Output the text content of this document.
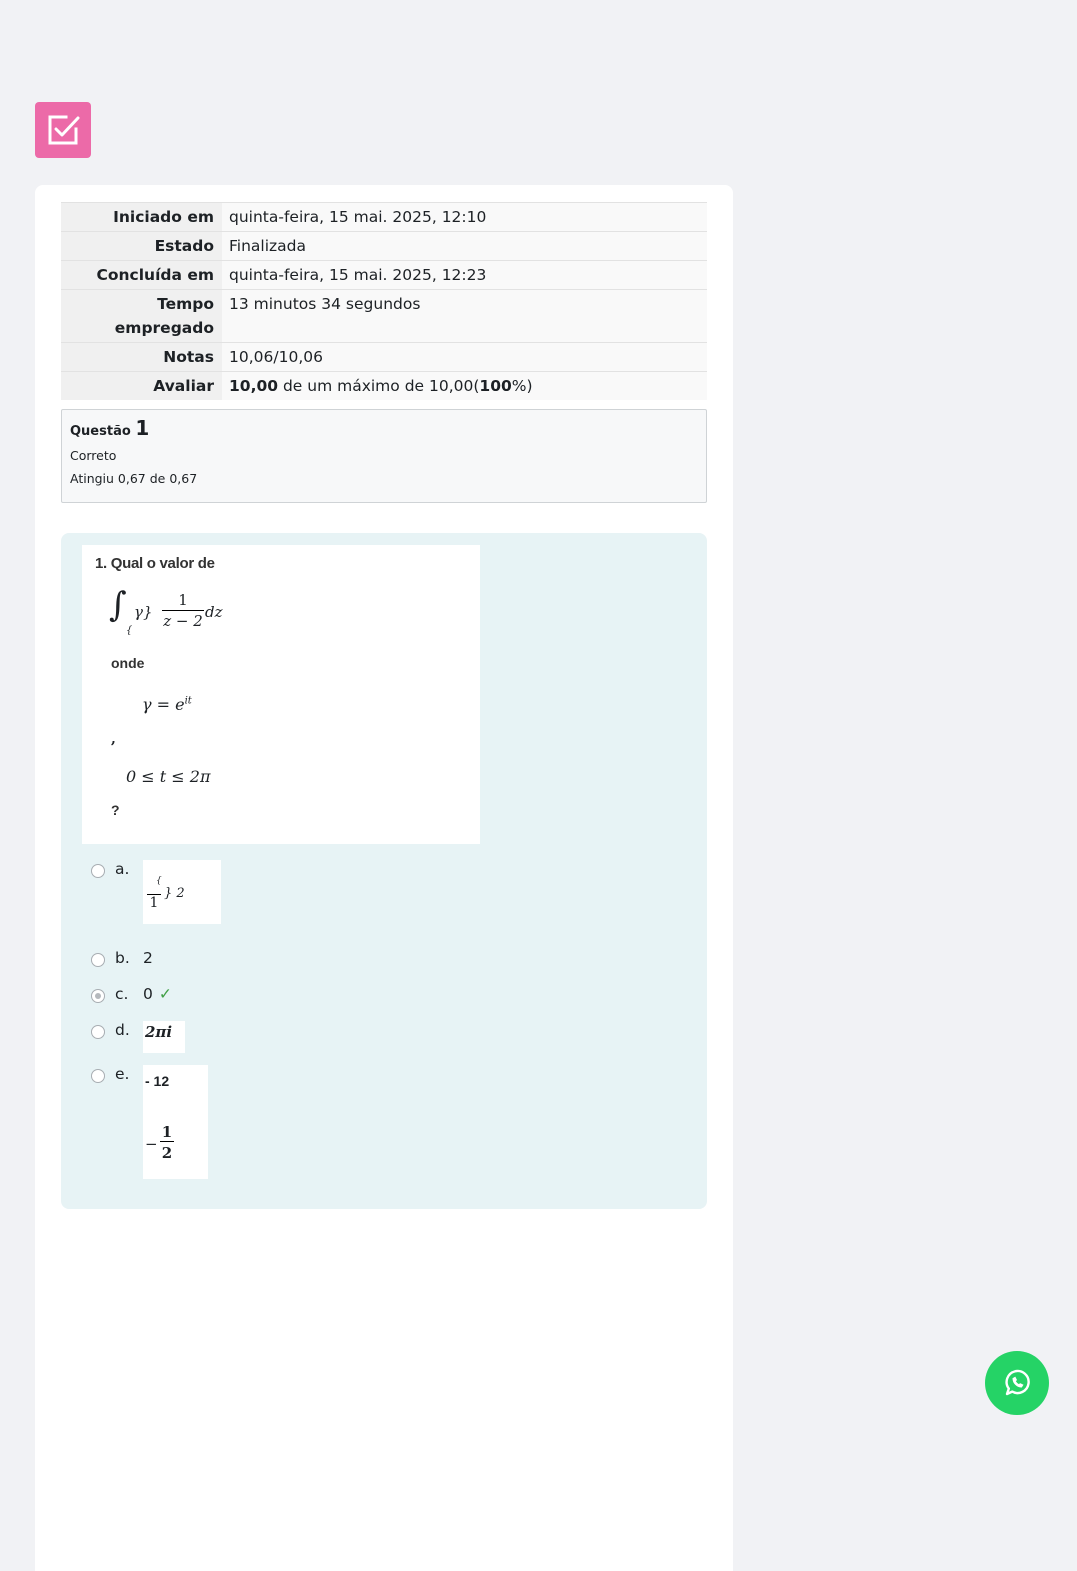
Iniciado em	quinta-feira, 15 mai. 2025, 12:10
Estado	Finalizada
Concluída em	quinta-feira, 15 mai. 2025, 12:23
Tempo empregado	13 minutos 34 segundos
Notas	10,06/10,06
Avaliar	10,00 de um máximo de 10,00(100%)
Questão 1
Correto
Atingiu 0,67 de 0,67
1. Qual o valor de
∫ γ}
{
$\frac{1}{z - 2}$ dz
onde
$\gamma = e^{it}$
,
0 ≤ t ≤ 2π
?
a.
{
1
} 2
b. 2
c. 0 ✓
d.	2πi
e.	- 12
−
1
2
